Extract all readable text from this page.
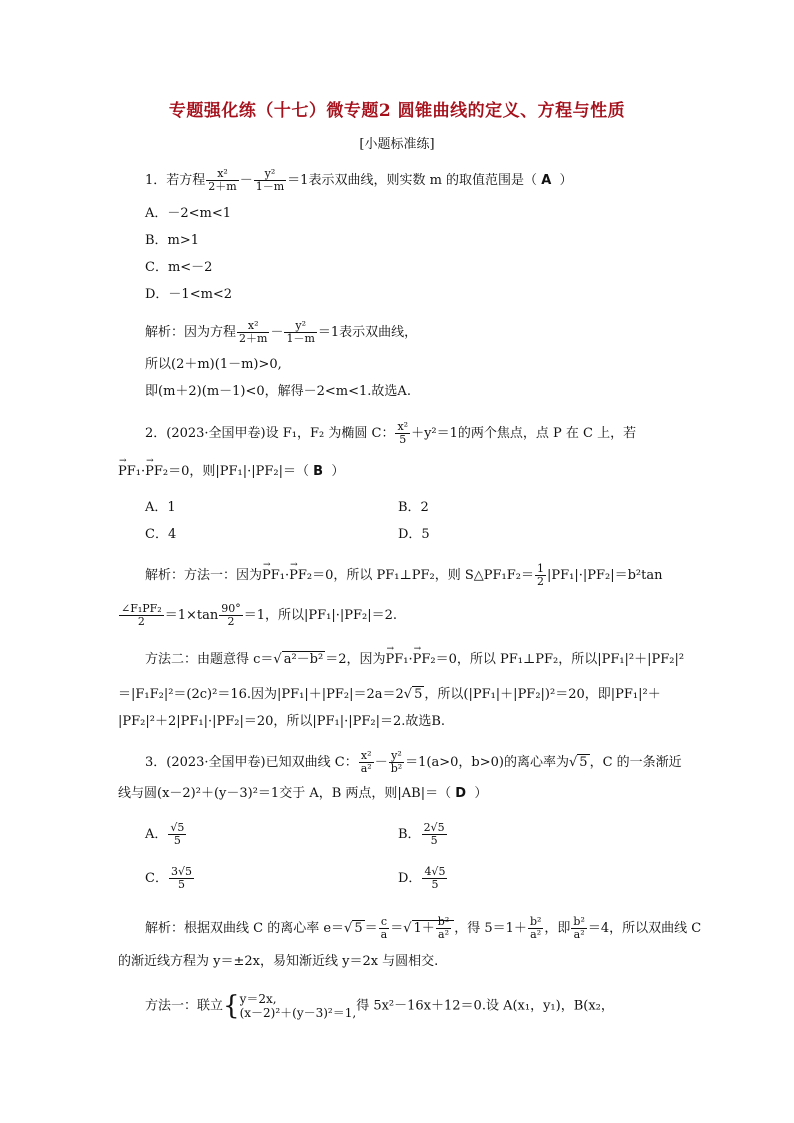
专题强化练（十七）微专题2 圆锥曲线的定义、方程与性质
[小题标准练]
1．若方程 $\frac{\text{x²}}{2+m} - \frac{\text{y²}}{1-m} =1$表示双曲线，则实数 m 的取值范围是（ A ）
A．－2<m<1
B．m>1
C．m<－2
D．－1<m<2
解析：因为方程 $\frac{\text{x²}}{2+m} - \frac{\text{y²}}{1-m} =1$表示双曲线，
所以(2＋m)(1－m)>0,
即(m＋2)(m－1)<0，解得－2<m<1.故选A.
2．(2023·全国甲卷)设 F₁，F₂ 为椭圆 C： $\frac{\text{x²}}{5} +y^2=1$的两个焦点，点 P 在 C 上，若
→ PF₁·→ PF₂＝0，则|PF₁|·|PF₂|＝（ B ）
A．1	B．2
C．4	D．5
解析：方法一：因为→ PF₁·→ PF₂＝0，所以 PF₁⊥PF₂，则 S△PF₁F₂＝ $\frac{1}{2} |PF_1|\cdot|PF_2|=b^2\tan$
$\frac{\text{∠F₁PF₂}}{2} =1\times\tan \frac{90^\circ}{2} =1$，所以|PF₁|·|PF₂|＝2.
方法二：由题意得 c＝√ a²－b² ＝2，因为→ PF₁·→ PF₂＝0，所以 PF₁⊥PF₂，所以|PF₁|²＋|PF₂|²
＝|F₁F₂|²＝(2c)²＝16.因为|PF₁|＋|PF₂|＝2a＝2√ 5 ，所以(|PF₁|＋|PF₂|)²＝20，即|PF₁|²＋
|PF₂|²＋2|PF₁|·|PF₂|＝20，所以|PF₁|·|PF₂|＝2.故选B.
3．(2023·全国甲卷)已知双曲线 C： $\frac{\text{x²}}{\text{a²}} - \frac{\text{y²}}{\text{b²}} =1(a>0$，b>0)的离心率为√ 5 ，C 的一条渐近
线与圆(x－2)²＋(y－3)²＝1交于 A，B 两点，则|AB|＝（ D ）
A． $\frac{√5}{5}$	B． $\frac{2√5}{5}$
C． $\frac{3√5}{5}$	D． $\frac{4√5}{5}$
解析：根据双曲线 C 的离心率 e＝√ $5 = \frac{c}{a}$ ＝√ $1+ \frac{\text{b²}}{\text{a²}}$ ，得 $5=1+ \frac{\text{b²}}{\text{a²}}$ ，即 $\frac{\text{b²}}{\text{a²}} =4$，所以双曲线 C
的渐近线方程为 y＝±2x，易知渐近线 y＝2x 与圆相交.
方法一：联立{ y＝2x,
(x－2)²＋(y－3)²＝1, 得 5x²－16x＋12＝0.设 A(x₁，y₁)，B(x₂，
